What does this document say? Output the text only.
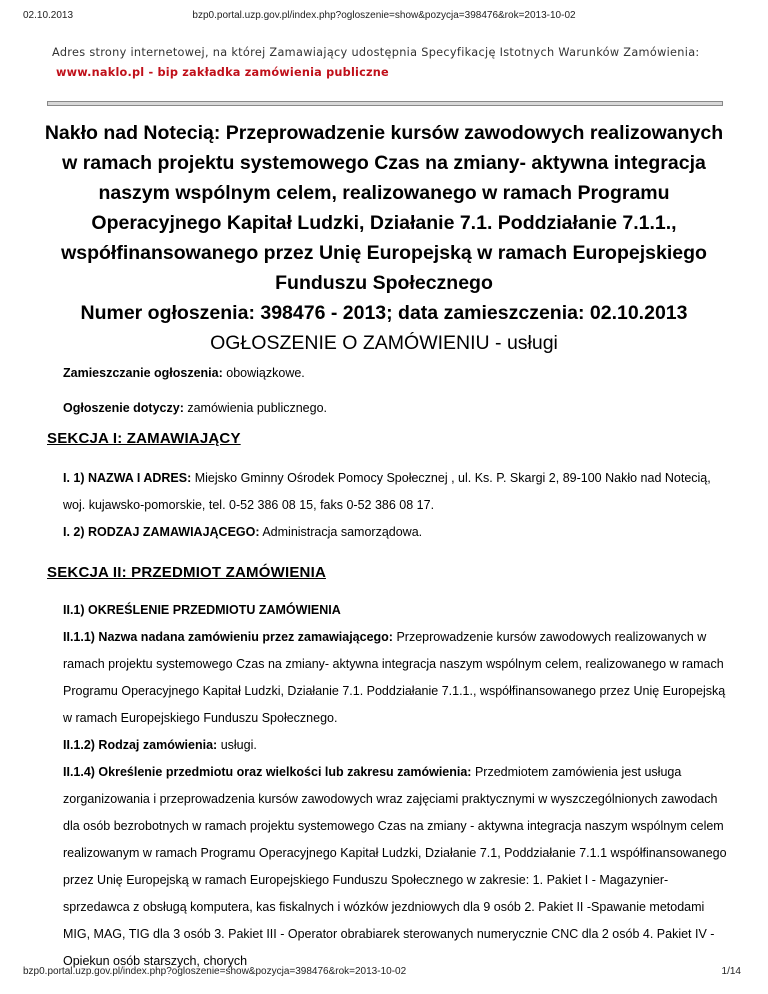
02.10.2013	bzp0.portal.uzp.gov.pl/index.php?ogloszenie=show&pozycja=398476&rok=2013-10-02
Adres strony internetowej, na której Zamawiający udostępnia Specyfikację Istotnych Warunków Zamówienia:
www.naklo.pl - bip zakładka zamówienia publiczne
Nakło nad Notecią: Przeprowadzenie kursów zawodowych realizowanych w ramach projektu systemowego Czas na zmiany- aktywna integracja naszym wspólnym celem, realizowanego w ramach Programu Operacyjnego Kapitał Ludzki, Działanie 7.1. Poddziałanie 7.1.1., współfinansowanego przez Unię Europejską w ramach Europejskiego Funduszu Społecznego
Numer ogłoszenia: 398476 - 2013; data zamieszczenia: 02.10.2013
OGŁOSZENIE O ZAMÓWIENIU - usługi
Zamieszczanie ogłoszenia: obowiązkowe.
Ogłoszenie dotyczy: zamówienia publicznego.
SEKCJA I: ZAMAWIAJĄCY
I. 1) NAZWA I ADRES: Miejsko Gminny Ośrodek Pomocy Społecznej , ul. Ks. P. Skargi 2, 89-100 Nakło nad Notecią, woj. kujawsko-pomorskie, tel. 0-52 386 08 15, faks 0-52 386 08 17.
I. 2) RODZAJ ZAMAWIAJĄCEGO: Administracja samorządowa.
SEKCJA II: PRZEDMIOT ZAMÓWIENIA
II.1) OKREŚLENIE PRZEDMIOTU ZAMÓWIENIA
II.1.1) Nazwa nadana zamówieniu przez zamawiającego: Przeprowadzenie kursów zawodowych realizowanych w ramach projektu systemowego Czas na zmiany- aktywna integracja naszym wspólnym celem, realizowanego w ramach Programu Operacyjnego Kapitał Ludzki, Działanie 7.1. Poddziałanie 7.1.1., współfinansowanego przez Unię Europejską w ramach Europejskiego Funduszu Społecznego.
II.1.2) Rodzaj zamówienia: usługi.
II.1.4) Określenie przedmiotu oraz wielkości lub zakresu zamówienia: Przedmiotem zamówienia jest usługa zorganizowania i przeprowadzenia kursów zawodowych wraz zajęciami praktycznymi w wyszczególnionych zawodach dla osób bezrobotnych w ramach projektu systemowego Czas na zmiany - aktywna integracja naszym wspólnym celem realizowanym w ramach Programu Operacyjnego Kapitał Ludzki, Działanie 7.1, Poddziałanie 7.1.1 współfinansowanego przez Unię Europejską w ramach Europejskiego Funduszu Społecznego w zakresie: 1. Pakiet I - Magazynier- sprzedawca z obsługą komputera, kas fiskalnych i wózków jezdniowych dla 9 osób 2. Pakiet II -Spawanie metodami MIG, MAG, TIG dla 3 osób 3. Pakiet III - Operator obrabiarek sterowanych numerycznie CNC dla 2 osób 4. Pakiet IV -Opiekun osób starszych, chorych
bzp0.portal.uzp.gov.pl/index.php?ogloszenie=show&pozycja=398476&rok=2013-10-02	1/14
